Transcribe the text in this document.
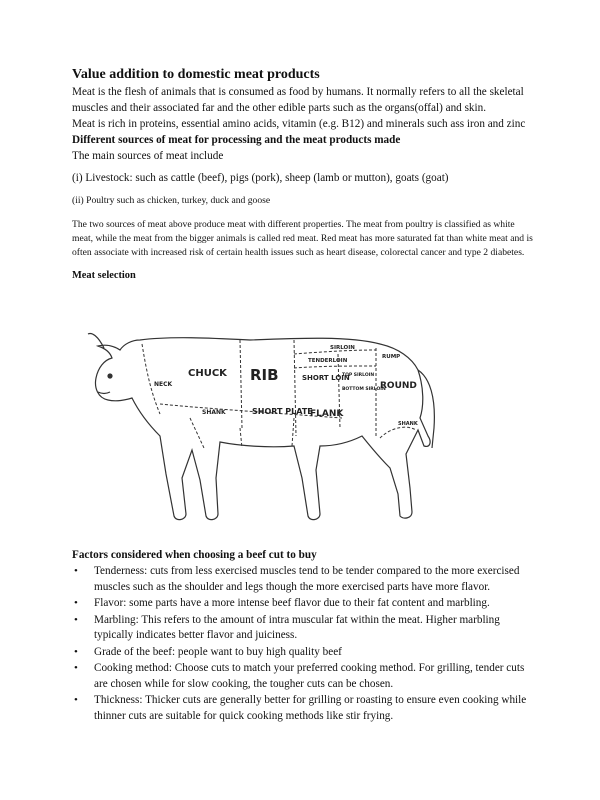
Value addition to domestic meat products

Meat is the flesh of animals that is consumed as food by humans. It normally refers to all the skeletal muscles and their associated far and the other edible parts such as the organs(offal) and skin.

Meat is rich in proteins, essential amino acids, vitamin (e.g. B12) and minerals such ass iron and zinc

Different sources of meat for processing and the meat products made

The main sources of meat include

(i) Livestock: such as cattle (beef), pigs (pork), sheep (lamb or mutton), goats (goat)

(ii) Poultry such as chicken, turkey, duck and goose

The two sources of meat above produce meat with different properties. The meat from poultry is classified as white meat, while the meat from the bigger animals is called red meat. Red meat has more saturated fat than white meat and is often associate with increased risk of certain health issues such as heart disease, colorectal cancer and type 2 diabetes.

Meat selection

CHUCK RIB	SHORT LOIN
SIRLOIN
TENDERLOIN
TOP SIRLOIN
BOTTOM SIRLOIN
RUMP
ROUND
NECK
SHANK	SHORT PLATE
FLANK
SHANK

Factors considered when choosing a beef cut to buy

• Tenderness: cuts from less exercised muscles tend to be tender compared to the more exercised muscles such as the shoulder and legs though the more exercised parts have more flavor.
• Flavor: some parts have a more intense beef flavor due to their fat content and marbling.
• Marbling: This refers to the amount of intra muscular fat within the meat. Higher marbling typically indicates better flavor and juiciness.
• Grade of the beef: people want to buy high quality beef
• Cooking method: Choose cuts to match your preferred cooking method. For grilling, tender cuts are chosen while for slow cooking, the tougher cuts can be chosen.
• Thickness: Thicker cuts are generally better for grilling or roasting to ensure even cooking while thinner cuts are suitable for quick cooking methods like stir frying.
